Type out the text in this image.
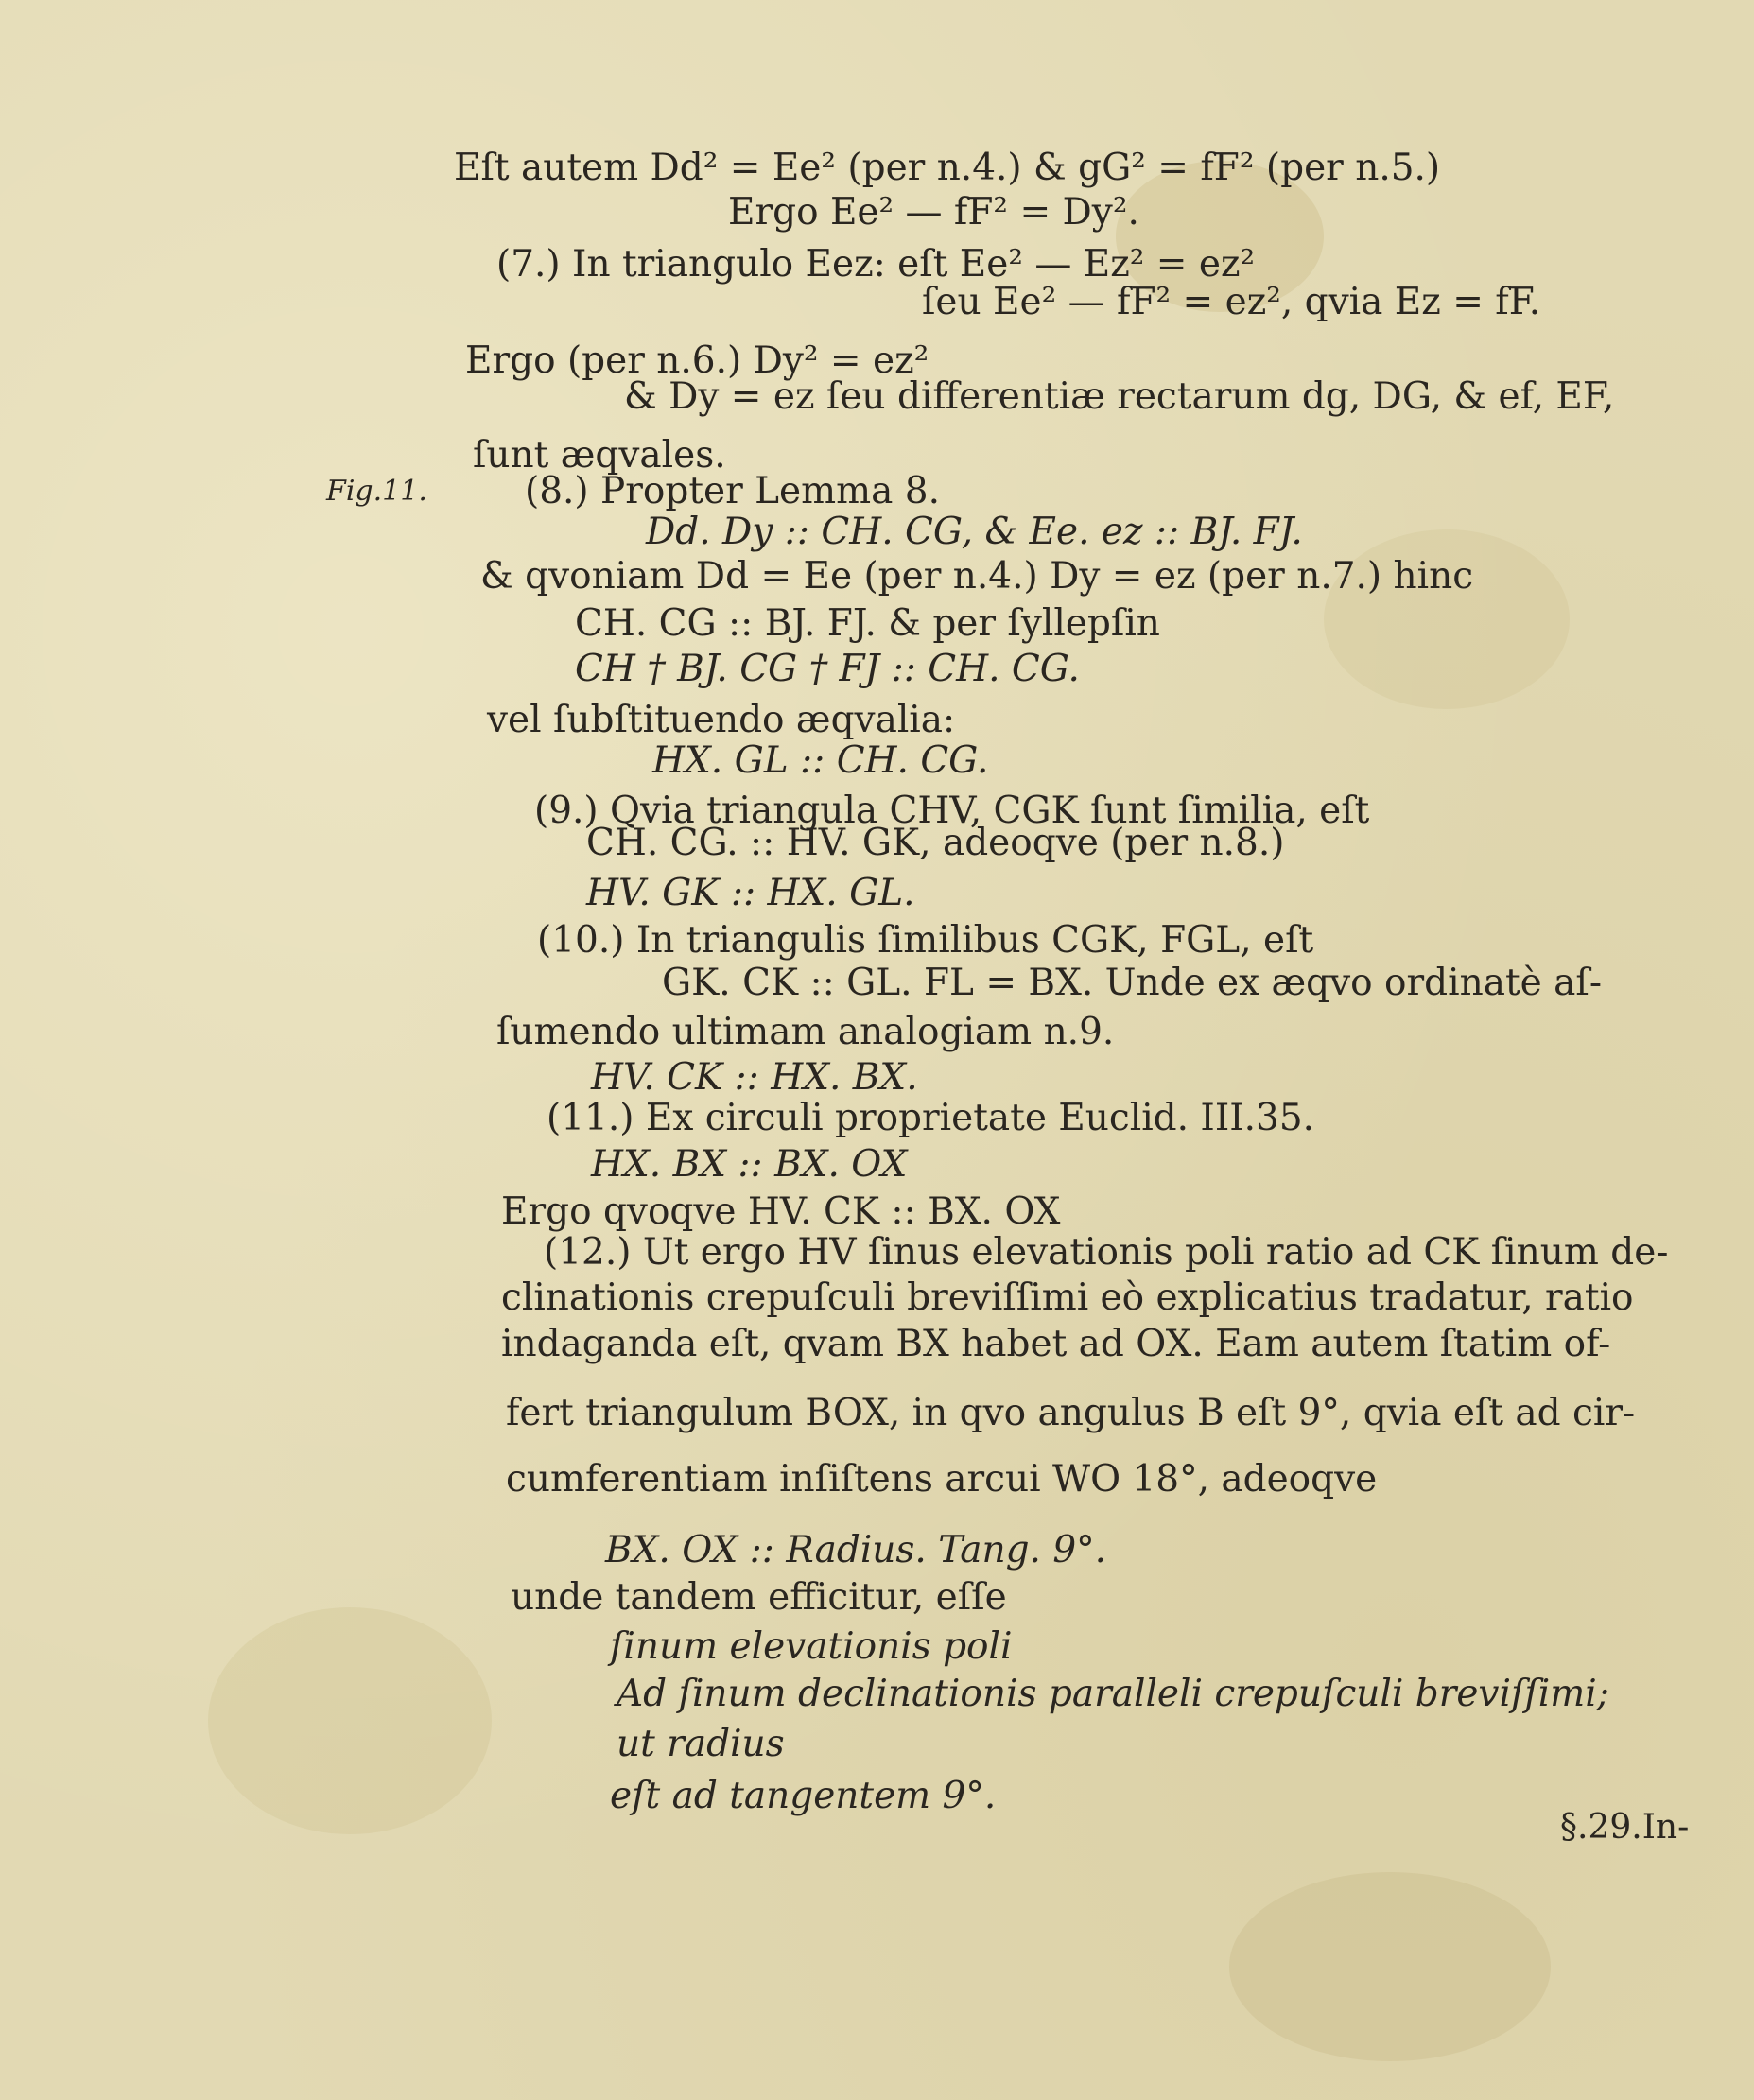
Fig.11.
Eſt autem Dd² = Ee² (per n.4.) & gG² = fF² (per n.5.)
Ergo Ee² — fF² = Dy².
(7.) In triangulo Eez: eſt Ee² — Ez² = ez²
ſeu Ee² — fF² = ez², qvia Ez = fF.
Ergo (per n.6.) Dy² = ez²
& Dy = ez ſeu differentiæ rectarum dg, DG, & ef, EF,
ſunt æqvales.
(8.) Propter Lemma 8.
Dd. Dy :: CH. CG, & Ee. ez :: BJ. FJ.
& qvoniam Dd = Ee (per n.4.) Dy = ez (per n.7.) hinc
CH. CG :: BJ. FJ. & per ſyllepſin
CH † BJ. CG † FJ :: CH. CG.
vel ſubſtituendo æqvalia:
HX. GL :: CH. CG.
(9.) Qvia triangula CHV, CGK ſunt ſimilia, eſt
CH. CG. :: HV. GK, adeoqve (per n.8.)
HV. GK :: HX. GL.
(10.) In triangulis ſimilibus CGK, FGL, eſt
GK. CK :: GL. FL = BX. Unde ex æqvo ordinatè aſ-
ſumendo ultimam analogiam n.9.
HV. CK :: HX. BX.
(11.) Ex circuli proprietate Euclid. III.35.
HX. BX :: BX. OX
Ergo qvoqve HV. CK :: BX. OX
(12.) Ut ergo HV ſinus elevationis poli ratio ad CK ſinum de-
clinationis crepuſculi breviſſimi eò explicatius tradatur, ratio
indaganda eſt, qvam BX habet ad OX. Eam autem ſtatim of-
fert triangulum BOX, in qvo angulus B eſt 9°, qvia eſt ad cir-
cumferentiam inſiſtens arcui WO 18°, adeoqve
BX. OX :: Radius. Tang. 9°.
unde tandem efficitur, eſſe
ſinum elevationis poli
Ad ſinum declinationis paralleli crepuſculi breviſſimi;
ut radius
eſt ad tangentem 9°.
§.29.In-
